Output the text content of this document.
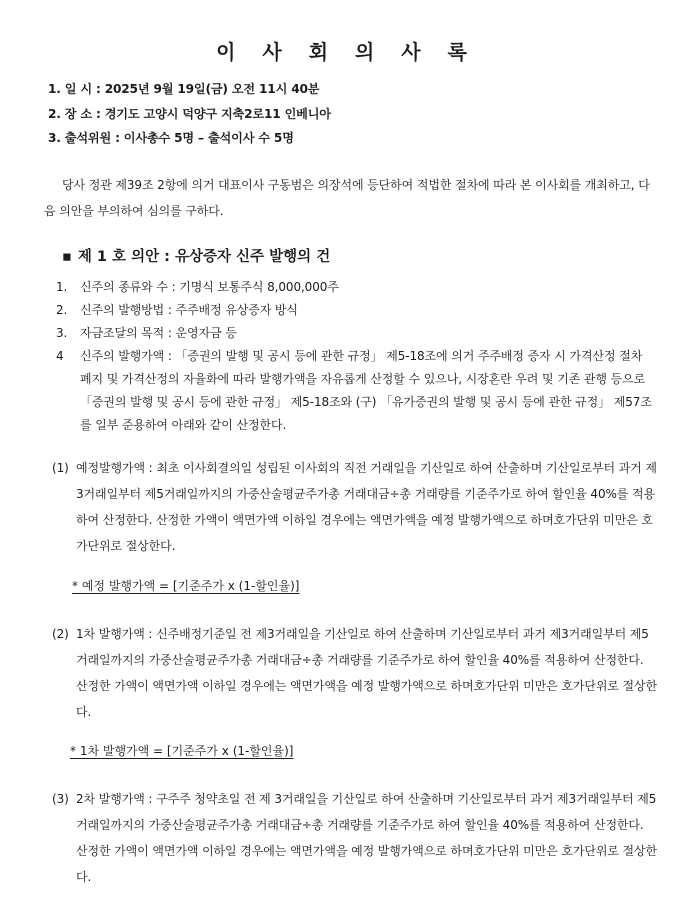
이 사 회 의 사 록
1. 일 시 : 2025년 9월 19일(금) 오전 11시 40분
2. 장 소 : 경기도 고양시 덕양구 지축2로11 인베니아
3. 출석위원 : 이사총수 5명 – 출석이사 수 5명
당사 정관 제39조 2항에 의거 대표이사 구동범은 의장석에 등단하여 적법한 절차에 따라 본 이사회를 개최하고, 다음 의안을 부의하여 심의를 구하다.
▪ 제 1 호 의안 : 유상증자 신주 발행의 건
1.	신주의 종류와 수 : 기명식 보통주식 8,000,000주
2.	신주의 발행방법 : 주주배정 유상증자 방식
3.	자금조달의 목적 : 운영자금 등
4	신주의 발행가액 : 「증권의 발행 및 공시 등에 관한 규정」 제5-18조에 의거 주주배정 증자 시 가격산정 절차 폐지 및 가격산정의 자율화에 따라 발행가액을 자유롭게 산정할 수 있으나, 시장혼란 우려 및 기존 관행 등으로 「증권의 발행 및 공시 등에 관한 규정」 제5-18조와 (구) 「유가증권의 발행 및 공시 등에 관한 규정」 제57조를 일부 준용하여 아래와 같이 산정한다.
(1) 예정발행가액 : 최초 이사회결의일 성립된 이사회의 직전 거래일을 기산일로 하여 산출하며 기산일로부터 과거 제3거래일부터 제5거래일까지의 가중산술평균주가총 거래대금÷총 거래량를 기준주가로 하여 할인율 40%를 적용하여 산정한다. 산정한 가액이 액면가액 이하일 경우에는 액면가액을 예정 발행가액으로 하며호가단위 미만은 호가단위로 절상한다.
* 예정 발행가액 = [기준주가 x (1-할인율)]
(2) 1차 발행가액 : 신주배정기준일 전 제3거래일을 기산일로 하여 산출하며 기산일로부터 과거 제3거래일부터 제5거래일까지의 가중산술평균주가총 거래대금÷총 거래량를 기준주가로 하여 할인율 40%를 적용하여 산정한다. 산정한 가액이 액면가액 이하일 경우에는 액면가액을 예정 발행가액으로 하며호가단위 미만은 호가단위로 절상한다.
* 1차 발행가액 = [기준주가 x (1-할인율)]
(3) 2차 발행가액 : 구주주 청약초일 전 제 3거래일을 기산일로 하여 산출하며 기산일로부터 과거 제3거래일부터 제5거래일까지의 가중산술평균주가총 거래대금÷총 거래량를 기준주가로 하여 할인율 40%를 적용하여 산정한다. 산정한 가액이 액면가액 이하일 경우에는 액면가액을 예정 발행가액으로 하며호가단위 미만은 호가단위로 절상한다.
